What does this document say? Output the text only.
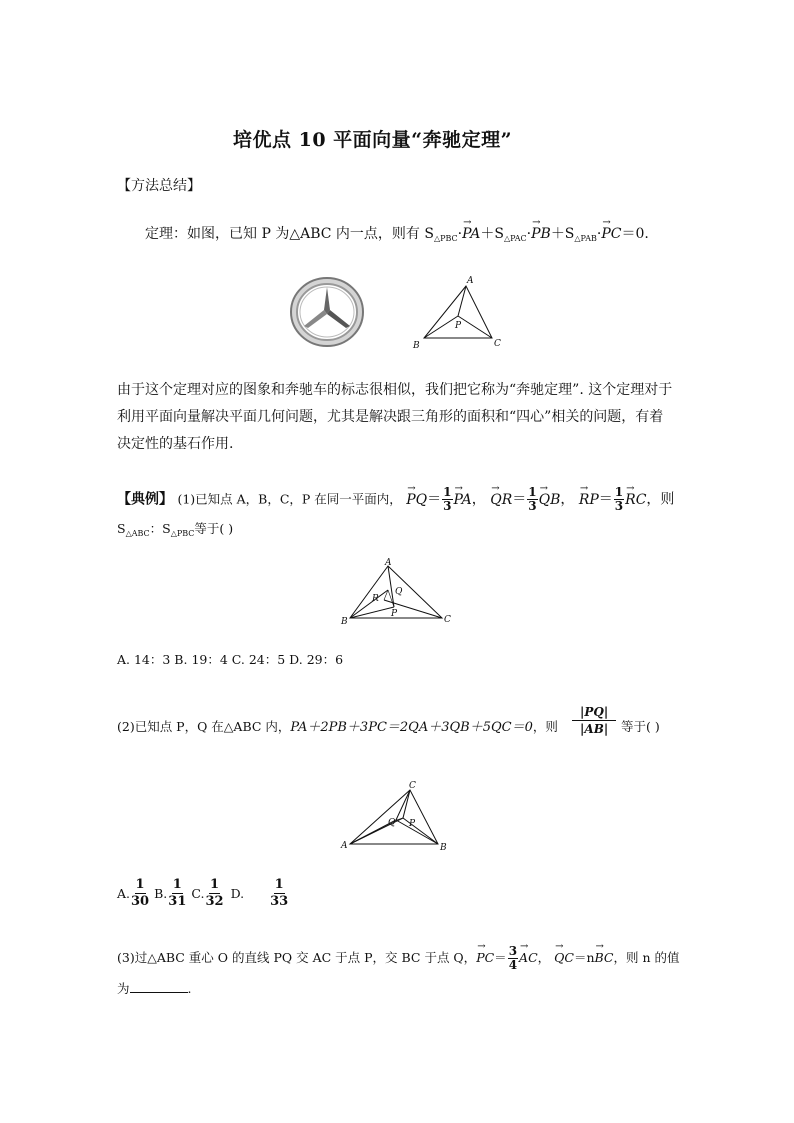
培优点 10 平面向量“奔驰定理”
【方法总结】
定理：如图，已知 P 为△ABC 内一点，则有 $S_{\triangle PBC}\cdot\to PA+S_{\triangle PAC}\cdot\to PB+S_{\triangle PAB}\cdot\to PC=0$.
A
B	C
P
由于这个定理对应的图象和奔驰车的标志很相似，我们把它称为“奔驰定理”. 这个定理对于
利用平面向量解决平面几何问题，尤其是解决跟三角形的面积和“四心”相关的问题，有着
决定性的基石作用.
【典例】 (1)已知点 A，B，C，P 在同一平面内， → $PQ= \frac{1}{3}$ → PA， → $QR= \frac{1}{3}$ → QB， → $RP= \frac{1}{3}$ → RC，则
$S_{\triangle ABC}$：$S_{\triangle PBC}$等于( )
A
B	C
R
Q
P
A. 14：3 B. 19：4 C. 24：5 D. 29：6
(2)已知点 P，Q 在△ABC 内，PA＋2PB＋3PC＝2QA＋3QB＋5QC＝0，则
|PQ|
|AB|	等于( )
C
A	B
Q P
A. $\frac{1}{30} B$. $\frac{1}{31} C$. $\frac{1}{32} D$. $\frac{1}{33}$
(3)过△ABC 重心 O 的直线 PQ 交 AC 于点 P，交 BC 于点 Q，→ $PC= \frac{3}{4}$ → AC， → QC＝n→ BC，则 n 的值
为	.
